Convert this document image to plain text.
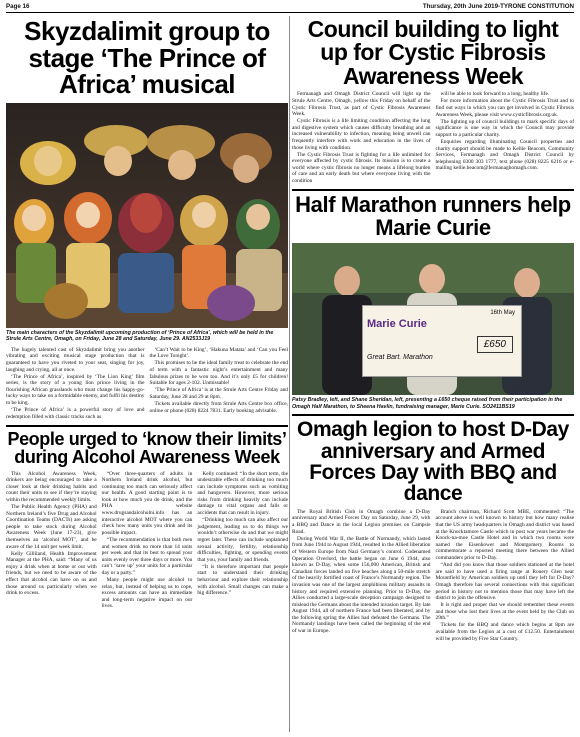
Page 16	Thursday, 20th June 2019-TYRONE CONSTITUTION
Skyzdalimit group to stage ‘The Prince of Africa’ musical
The main characters of the Skyzdalimit upcoming production of ‘Prince of Africa’, which will be held in the Strule Arts Centre, Omagh, on Friday, June 28 and Saturday, June 29. AN2533J19

The hugely talented cast of Skyzdalimit bring you another vibrating and exciting musical stage production that is guaranteed to have you riveted to your seat, singing for joy, laughing and crying, all at once.

‘The Prince of Africa’, inspired by ‘The Lion King’ film series, is the story of a young lion prince living in the flourishing African grasslands who must change his happy-go-lucky ways to take on a formidable enemy, and fulfil his destiny to be king.

‘The Prince of Africa’ is a powerful story of love and redemption filled with classic tracks such as

‘Can’t Wait to be King’, ‘Hakuna Matata’ and ‘Can you Feel the Love Tonight’.

This promises to be the ideal family treat to celebrate the end of term with a fantastic night’s entertainment and many fabulous prizes to be won too. And it’s only £5 for children! Suitable for ages 2-102. Unmissable!

‘The Prince of Africa’ is at the Strule Arts Centre Friday and Saturday, June 28 and 29 at 8pm.

Tickets available directly from Strule Arts Centre box office, online or phone (028) 8224 7831. Early booking advisable.

People urged to ‘know their limits’ during Alcohol Awareness Week

This Alcohol Awareness Week, drinkers are being encouraged to take a closer look at their drinking habits and count their units to see if they’re staying within the recommended weekly limits.

The Public Health Agency (PHA) and Northern Ireland’s five Drug and Alcohol Coordination Teams (DACTs) are asking people to take stock during Alcohol Awareness Week (June 17-23), give themselves an ‘alcohol MOT’, and be aware of the 14 unit per week limit.

Kelly Gilliland, Health Improvement Manager at the PHA, said: “Many of us enjoy a drink when at home or out with friends, but we need to be aware of the effect that alcohol can have on us and those around us particularly when we drink to excess.

“Over three-quarters of adults in Northern Ireland drink alcohol, but continuing too much can seriously affect our health. A good starting point is to look at how much you do drink, and the PHA website www.drugsandalcoholni.info has an interactive alcohol MOT where you can check how many units you drink and its possible impact.

“The recommendation is that both men and women drink no more than 14 units per week and that its best to spread your units evenly over three days or more. You can’t ‘save up’ your units for a particular day or a party.”

Many people might use alcohol to relax, but, instead of helping us to cope, excess amounts can have an immediate and long-term negative impact on our lives.

Kelly continued: “In the short term, the undesirable effects of drinking too much can include symptoms such as vomiting and hangovers. However, more serious risks from drinking heavily can include damage to vital organs and falls or accidents that can result in injury.

“Drinking too much can also affect our judgement, leading us to do things we wouldn’t otherwise do and that we might regret later. These can include unplanned sexual activity, fertility, relationship difficulties, fighting, or spending events that you, your family and friends.

“It is therefore important that people start to understand their drinking behaviour and explore their relationship with alcohol. Small changes can make a big difference.”

Council building to light up for Cystic Fibrosis Awareness Week

Fermanagh and Omagh District Council will light up the Strule Arts Centre, Omagh, yellow this Friday on behalf of the Cystic Fibrosis Trust, as part of Cystic Fibrosis Awareness Week.

Cystic Fibrosis is a life limiting condition affecting the lung and digestive system which causes difficulty breathing and an increased vulnerability to infection, meaning being unwell can frequently interfere with work and education in the lives of those living with condition.

The Cystic Fibrosis Trust is fighting for a life unlimited for everyone affected by cystic fibrosis. Its mission is to create a world where cystic fibrosis no longer means a lifelong burden of care and an early death but where everyone living with the condition

will be able to look forward to a long, healthy life.

For more information about the Cystic Fibrosis Trust and to find out ways in which you can get involved in Cystic Fibrosis Awareness Week, please visit www.cysticfibrosis.org.uk.

The lighting up of council buildings to mark specific days of significance is one way in which the Council may provide support to a particular charity.

Enquiries regarding illuminating Council properties and charity support should be made to Kellie Beacom, Community Services, Fermanagh and Omagh District Council by telephoning 0300 303 1777, text phone (028) 8225 6216 or e-mailing kellie.beacom@fermanaghomagh.com.

Half Marathon runners help Marie Curie
16th May
Marie Curie
£650
Great Bart. Marathon
Patsy Bradley, left, and Shane Sheridan, left, presenting a £650 cheque raised from their participation in the Omagh Half Marathon, to Sheena Havlin, fundraising manager, Marie Curie. SO2411BS19
Omagh legion to host D-Day anniversary and Armed Forces Day with BBQ and dance

The Royal British Club in Omagh combine a D-Day anniversary and Armed Forces Day on Saturday, June 29, with a BBQ and Dance in the local Legion premises on Campsie Road.

During World War II, the Battle of Normandy, which lasted from June 1944 to August 1944, resulted in the Allied liberation of Western Europe from Nazi Germany’s control. Codenamed Operation Overlord, the battle began on June 6 1944, also known as D-Day, when some 156,000 American, British and Canadian forces landed on five beaches along a 50-mile stretch of the heavily fortified coast of France’s Normandy region. The invasion was one of the largest amphibious military assaults in history and required extensive planning. Prior to D-Day, the Allies conducted a large-scale deception campaign designed to mislead the Germans about the intended invasion target. By late August 1944, all of northern France had been liberated, and by the following spring the Allies had defeated the Germans. The Normandy landings have been called the beginning of the end of war in Europe.

Branch chairman, Richard Scott MBE, commented: “The account above is well known to history but how many realise that the US army headquarters in Omagh and district was based at the Knocktamore Castle which in post war years became the Knock-na-moe Castle Hotel and in which two rooms were named the Eisenhower and Montgomery Rooms to commemorate a reported meeting there between the Allied commanders prior to D-Day.

“And did you know that those soldiers stationed at the hotel are said to have used a firing range at Rouery Glen near Mountfield by American soldiers up until they left for D-Day? Omagh therefore has several connections with this significant period in history not to mention those that may have left the district to join the offensive.

It is right and proper that we should remember these events and those who lost their lives at the event held by the Club on 29th.”

Tickets for the BBQ and dance which begins at 8pm are available from the Legion at a cost of £12.50. Entertainment will be provided by Five Star Country.
